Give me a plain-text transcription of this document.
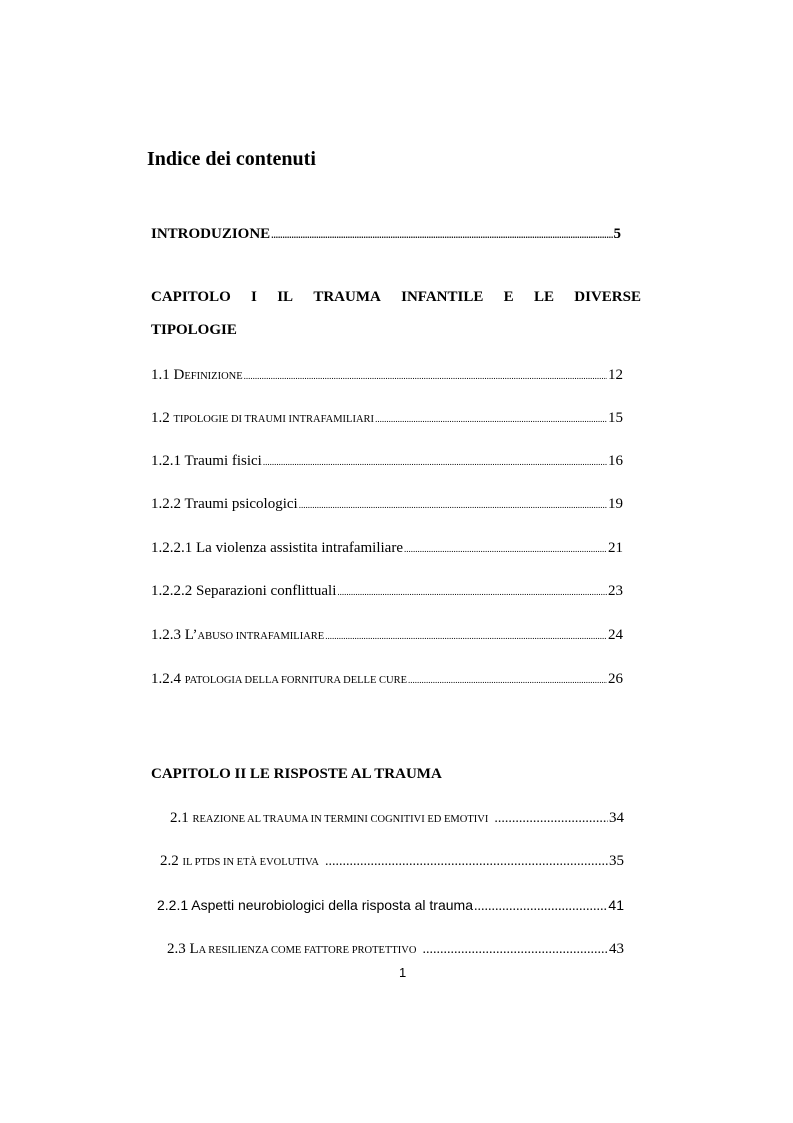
Indice dei contenuti
INTRODUZIONE .....	5
CAPITOLO I IL TRAUMA INFANTILE E LE DIVERSE
TIPOLOGIE
1.1 DEFINIZIONE .....	12
1.2 TIPOLOGIE DI TRAUMI INTRAFAMILIARI .....	15
1.2.1 Traumi fisici .....	16
1.2.2 Traumi psicologici .....	19
1.2.2.1 La violenza assistita intrafamiliare .....	21
1.2.2.2 Separazioni conflittuali .....	23
1.2.3 L’ABUSO INTRAFAMILIARE .....	24
1.2.4 PATOLOGIA DELLA FORNITURA DELLE CURE .....	26
CAPITOLO II LE RISPOSTE AL TRAUMA
2.1 REAZIONE AL TRAUMA IN TERMINI COGNITIVI ED EMOTIVI .....	34
2.2 IL PTDS IN ETÀ EVOLUTIVA .....	35
2.2.1 Aspetti neurobiologici della risposta al trauma .....	41
2.3 LA RESILIENZA COME FATTORE PROTETTIVO .....	43
1
